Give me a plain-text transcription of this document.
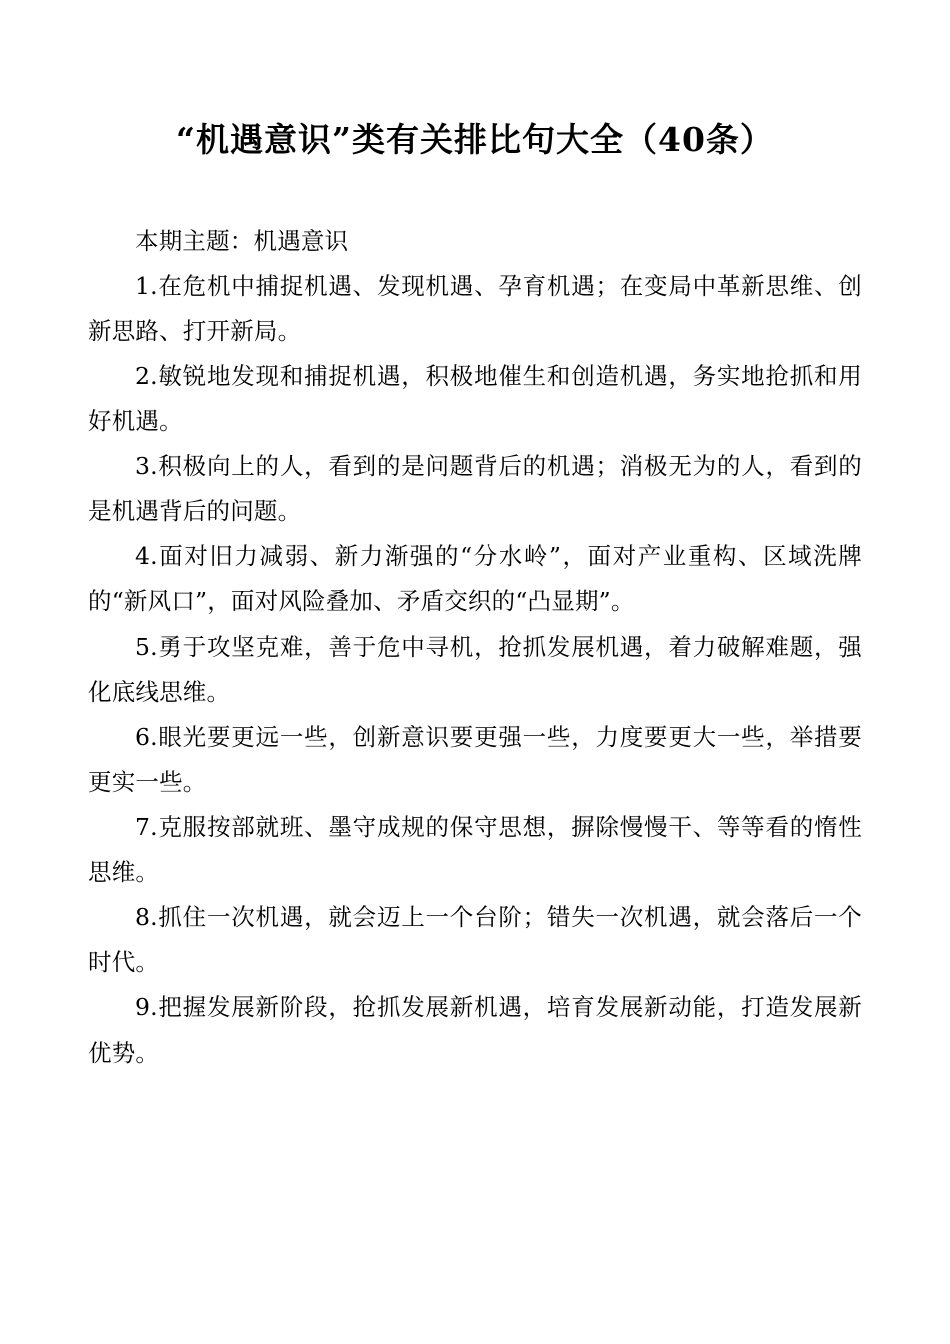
“机遇意识”类有关排比句大全（40条）

本期主题：机遇意识

1.在危机中捕捉机遇、发现机遇、孕育机遇；在变局中革新思维、创新思路、打开新局。

2.敏锐地发现和捕捉机遇，积极地催生和创造机遇，务实地抢抓和用好机遇。

3.积极向上的人，看到的是问题背后的机遇；消极无为的人，看到的是机遇背后的问题。

4.面对旧力减弱、新力渐强的“分水岭”，面对产业重构、区域洗牌的“新风口”，面对风险叠加、矛盾交织的“凸显期”。

5.勇于攻坚克难，善于危中寻机，抢抓发展机遇，着力破解难题，强化底线思维。

6.眼光要更远一些，创新意识要更强一些，力度要更大一些，举措要更实一些。

7.克服按部就班、墨守成规的保守思想，摒除慢慢干、等等看的惰性思维。

8.抓住一次机遇，就会迈上一个台阶；错失一次机遇，就会落后一个时代。

9.把握发展新阶段，抢抓发展新机遇，培育发展新动能，打造发展新优势。
